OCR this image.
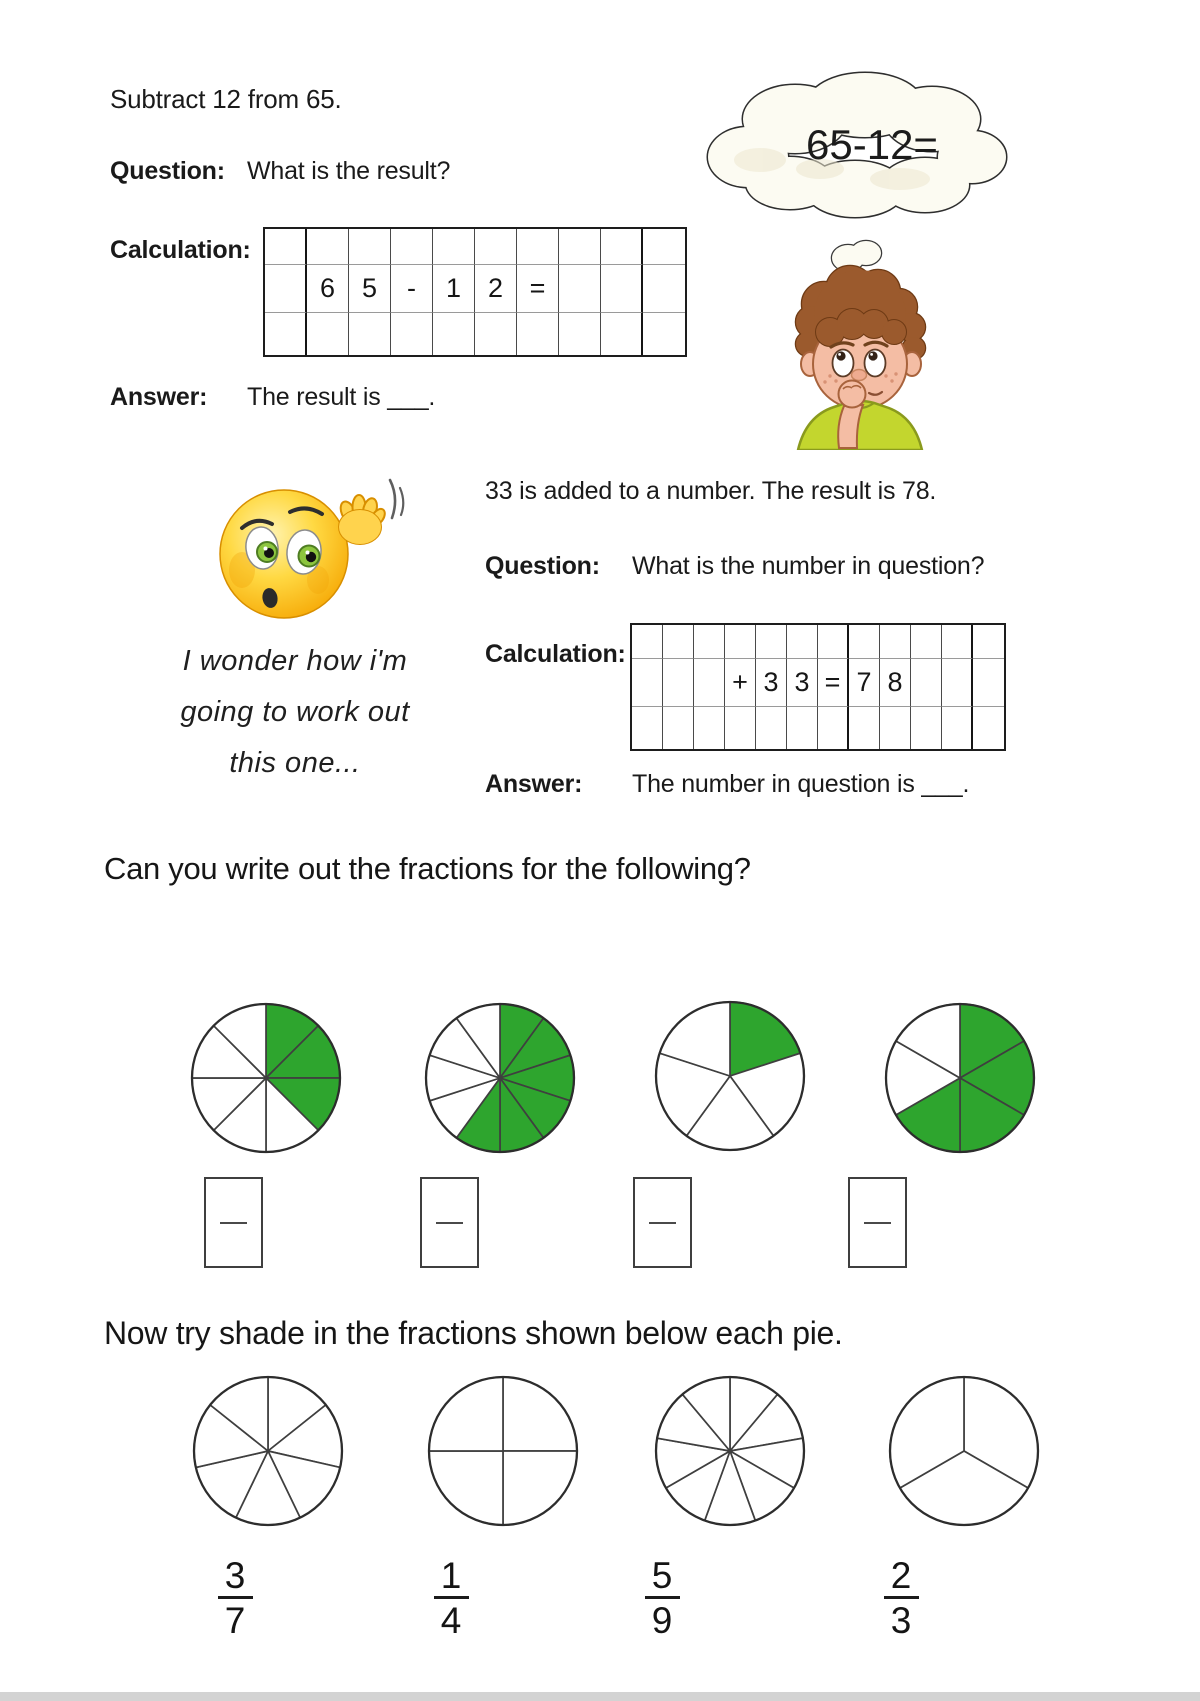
Subtract 12 from 65.
Question: What is the result?
Calculation:
6 5	-	1 2 =
Answer: The result is ___.
65-12=
I wonder how i'm
going to work out
this one...
33 is added to a number. The result is 78.
Question: What is the number in question?
Calculation:
+ 3 3 = 7 8
Answer: The number in question is ___.
Can you write out the fractions for the following?
Now try shade in the fractions shown below each pie.
3
7
1
4
5
9
2
3
